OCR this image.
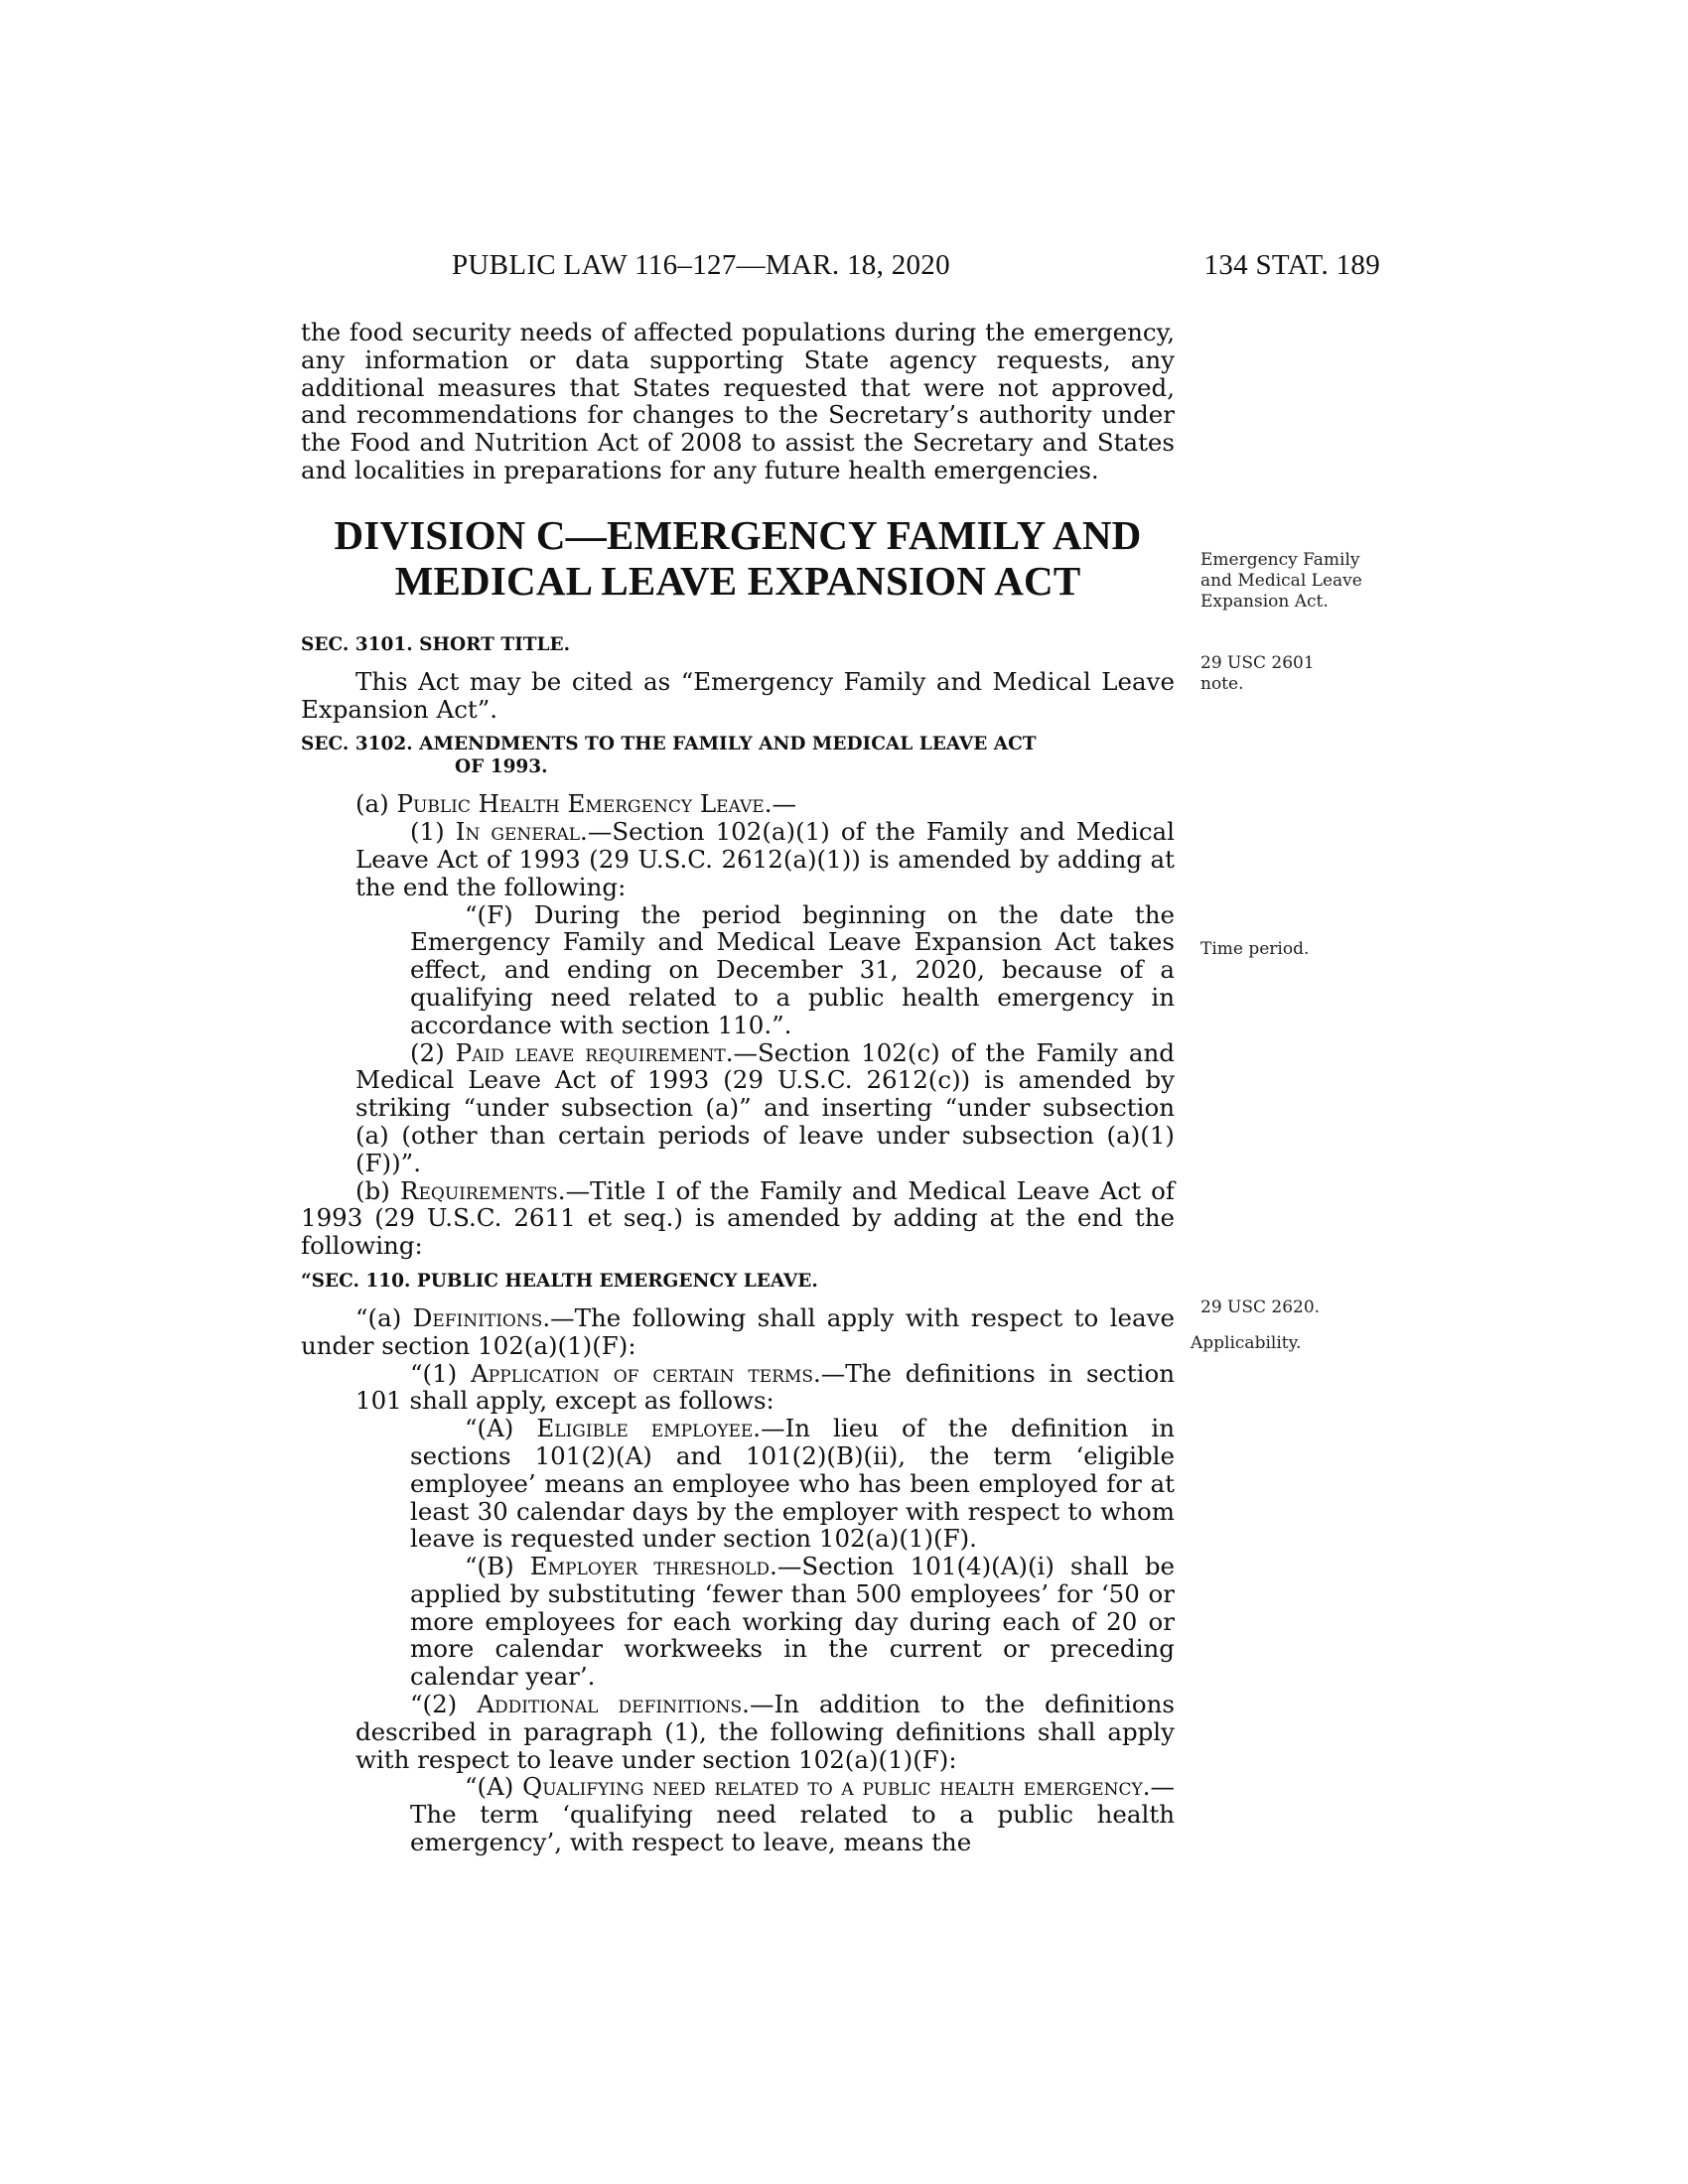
PUBLIC LAW 116–127—MAR. 18, 2020	134 STAT. 189

the food security needs of affected populations during the emergency, any information or data supporting State agency requests, any additional measures that States requested that were not approved, and recommendations for changes to the Secretary’s authority under the Food and Nutrition Act of 2008 to assist the Secretary and States and localities in preparations for any future health emergencies.

DIVISION C—EMERGENCY FAMILY AND
MEDICAL LEAVE EXPANSION ACT
SEC. 3101. SHORT TITLE.

This Act may be cited as “Emergency Family and Medical Leave Expansion Act”.

SEC. 3102. AMENDMENTS TO THE FAMILY AND MEDICAL LEAVE ACT
OF 1993.

(a) Public Health Emergency Leave.—

(1) In general.—Section 102(a)(1) of the Family and Medical Leave Act of 1993 (29 U.S.C. 2612(a)(1)) is amended by adding at the end the following:

“(F) During the period beginning on the date the Emergency Family and Medical Leave Expansion Act takes effect, and ending on December 31, 2020, because of a qualifying need related to a public health emergency in accordance with section 110.”.

(2) Paid leave requirement.—Section 102(c) of the Family and Medical Leave Act of 1993 (29 U.S.C. 2612(c)) is amended by striking “under subsection (a)” and inserting “under subsection (a) (other than certain periods of leave under subsection (a)(1)(F))”.

(b) Requirements.—Title I of the Family and Medical Leave Act of 1993 (29 U.S.C. 2611 et seq.) is amended by adding at the end the following:

“SEC. 110. PUBLIC HEALTH EMERGENCY LEAVE.

“(a) Definitions.—The following shall apply with respect to leave under section 102(a)(1)(F):

“(1) Application of certain terms.—The definitions in section 101 shall apply, except as follows:

“(A) Eligible employee.—In lieu of the definition in sections 101(2)(A) and 101(2)(B)(ii), the term ‘eligible employee’ means an employee who has been employed for at least 30 calendar days by the employer with respect to whom leave is requested under section 102(a)(1)(F).

“(B) Employer threshold.—Section 101(4)(A)(i) shall be applied by substituting ‘fewer than 500 employees’ for ‘50 or more employees for each working day during each of 20 or more calendar workweeks in the current or preceding calendar year’.

“(2) Additional definitions.—In addition to the definitions described in paragraph (1), the following definitions shall apply with respect to leave under section 102(a)(1)(F):

“(A) Qualifying need related to a public health emergency.—The term ‘qualifying need related to a public health emergency’, with respect to leave, means the

Emergency Family and Medical Leave Expansion Act.
29 USC 2601 note.
Time period.
29 USC 2620.
Applicability.
